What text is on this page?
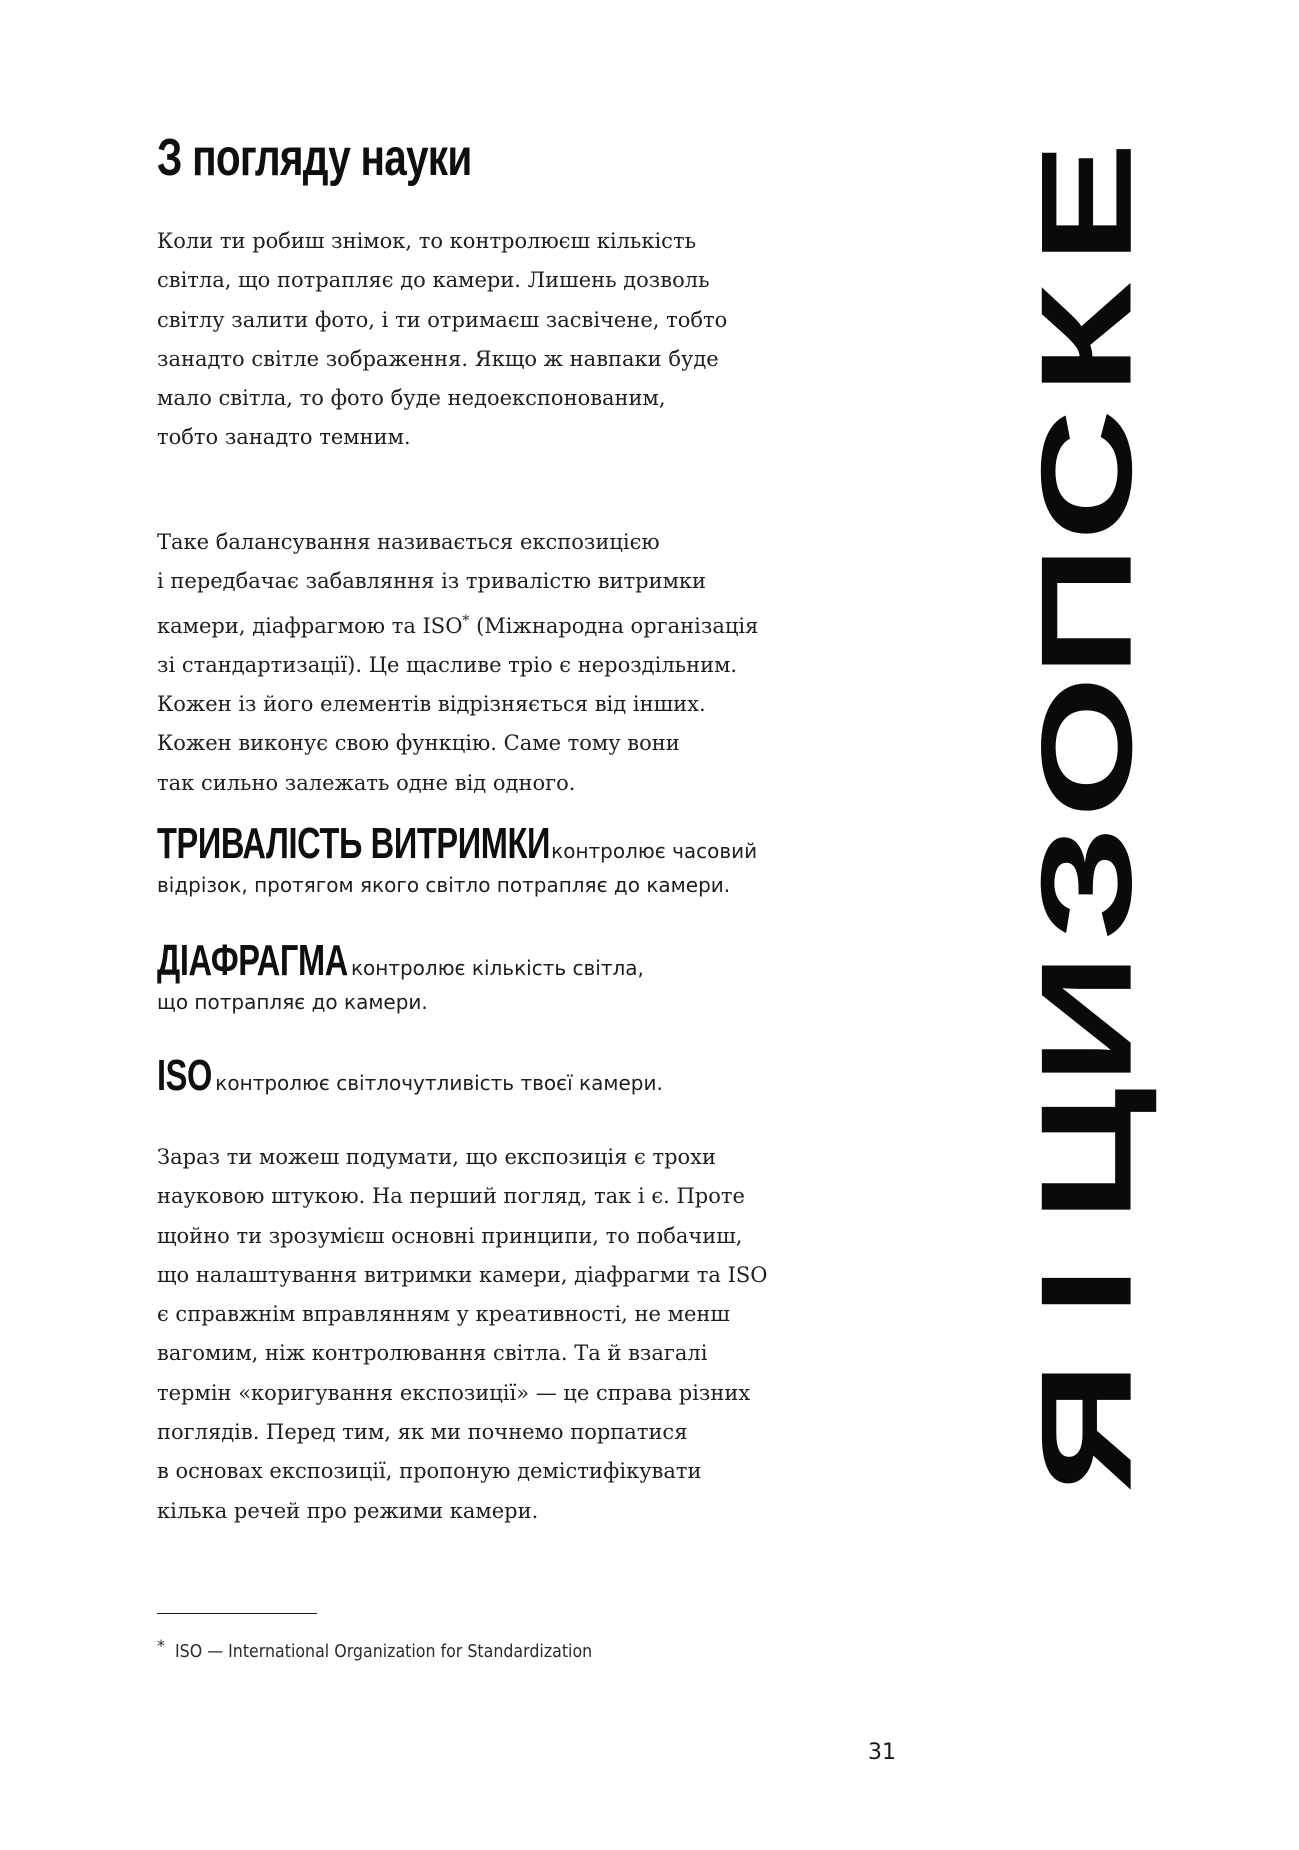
З погляду науки

Коли ти робиш знімок, то контролюєш кількість
світла, що потрапляє до камери. Лишень дозволь
світлу залити фото, і ти отримаєш засвічене, тобто
занадто світле зображення. Якщо ж навпаки буде
мало світла, то фото буде недоекспонованим,
тобто занадто темним.

Таке балансування називається експозицією
і передбачає забавляння із тривалістю витримки
камери, діафрагмою та ISO* (Міжнародна організація
зі стандартизації). Це щасливе тріо є нероздільним.
Кожен із його елементів відрізняється від інших.
Кожен виконує свою функцію. Саме тому вони
так сильно залежать одне від одного.

ТРИВАЛІСТЬ ВИТРИМКИконтролює часовий
відрізок, протягом якого світло потрапляє до камери.
ДІАФРАГМА контролює кількість світла,
що потрапляє до камери.
ISO контролює світлочутливість твоєї камери.

Зараз ти можеш подумати, що експозиція є трохи
науковою штукою. На перший погляд, так і є. Проте
щойно ти зрозумієш основні принципи, то побачиш,
що налаштування витримки камери, діафрагми та ISO
є справжнім вправлянням у креативності, не менш
вагомим, ніж контролювання світла. Та й взагалі
термін «коригування експозиції» — це справа різних
поглядів. Перед тим, як ми почнемо порпатися
в основах експозиції, пропоную демістифікувати
кілька речей про режими камери.

Е
К
С
П
О
З
И
Ц
І
Я
* ISO — International Organization for Standardization
31
